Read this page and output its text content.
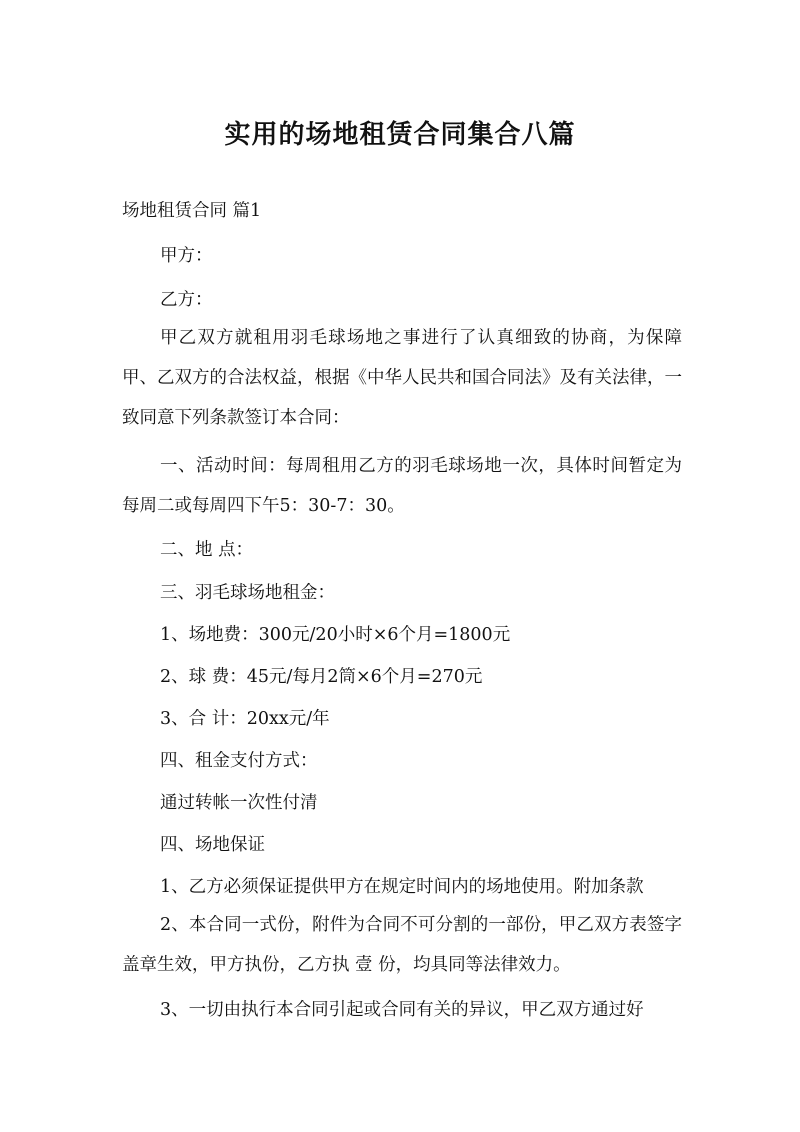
实用的场地租赁合同集合八篇

场地租赁合同 篇1

甲方：

乙方：

甲乙双方就租用羽毛球场地之事进行了认真细致的协商，为保障甲、乙双方的合法权益，根据《中华人民共和国合同法》及有关法律，一致同意下列条款签订本合同：

一、活动时间：每周租用乙方的羽毛球场地一次，具体时间暂定为每周二或每周四下午5：30-7：30。

二、地 点：

三、羽毛球场地租金：

1、场地费：300元/20小时×6个月=1800元

2、球 费：45元/每月2筒×6个月=270元

3、合 计：20xx元/年

四、租金支付方式：

通过转帐一次性付清

四、场地保证

1、乙方必须保证提供甲方在规定时间内的场地使用。附加条款

2、本合同一式份，附件为合同不可分割的一部份，甲乙双方表签字盖章生效，甲方执份，乙方执 壹 份，均具同等法律效力。

3、一切由执行本合同引起或合同有关的异议，甲乙双方通过好
